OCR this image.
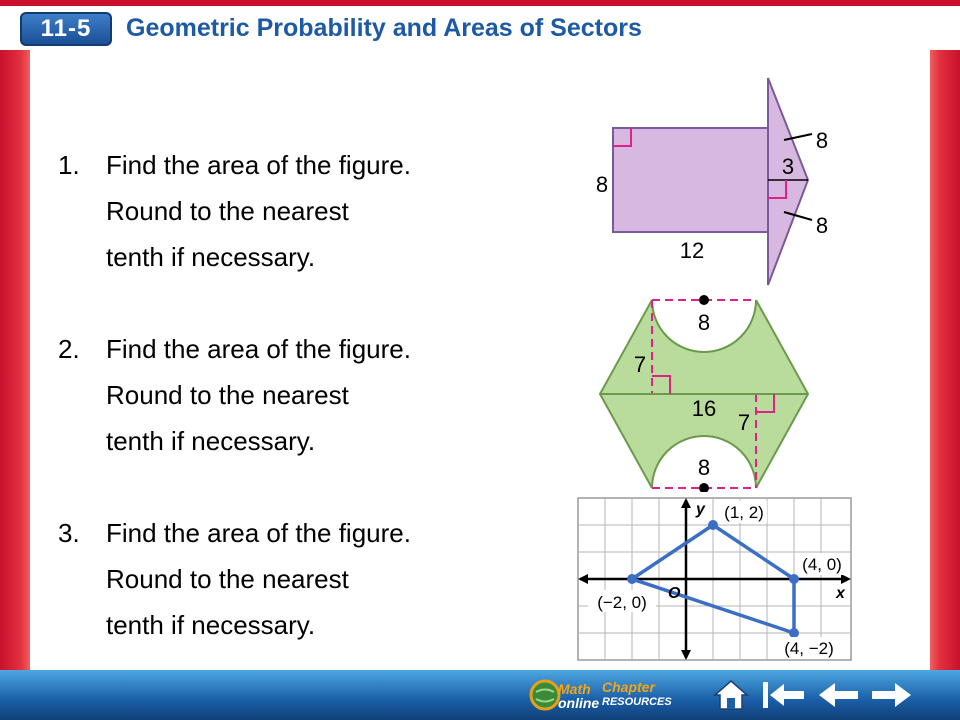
11-5	Geometric Probability and Areas of Sectors
1. Find the area of the figure.
Round to the nearest
tenth if necessary.
2. Find the area of the figure.
Round to the nearest
tenth if necessary.
3. Find the area of the figure.
Round to the nearest
tenth if necessary.
8
12
8
3
8
8
7
16
7
8
y
x
O
(1, 2)
(4, 0)
(−2, 0)
(4, −2)
Math
online
Chapter
RESOURCES
